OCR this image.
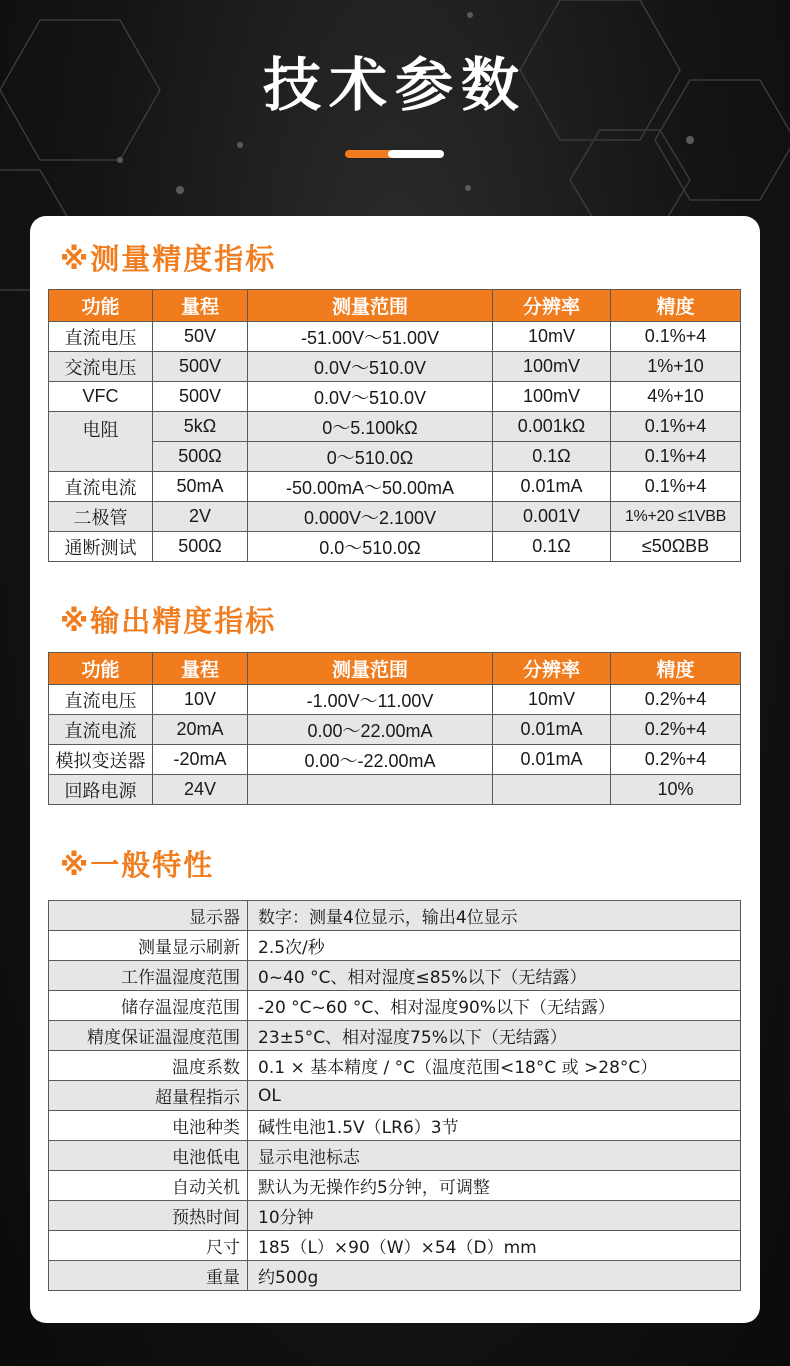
技术参数
※测量精度指标
功能	量程	测量范围	分辨率	精度
直流电压	50V	-51.00V～51.00V	10mV	0.1%+4
交流电压	500V	0.0V～510.0V	100mV	1%+10
VFC	500V	0.0V～510.0V	100mV	4%+10
电阻	5kΩ	0～5.100kΩ	0.001kΩ	0.1%+4
	500Ω	0～510.0Ω	0.1Ω	0.1%+4
直流电流	50mA	-50.00mA～50.00mA	0.01mA	0.1%+4
二极管	2V	0.000V～2.100V	0.001V	1%+20 ≤1VBB
通断测试	500Ω	0.0～510.0Ω	0.1Ω	≤50ΩBB
※输出精度指标
功能	量程	测量范围	分辨率	精度
直流电压	10V	-1.00V～11.00V	10mV	0.2%+4
直流电流	20mA	0.00～22.00mA	0.01mA	0.2%+4
模拟变送器	-20mA	0.00～-22.00mA	0.01mA	0.2%+4
回路电源	24V			10%
※一般特性
显示器	数字：测量4位显示，输出4位显示
测量显示刷新	2.5次/秒
工作温湿度范围	0~40 °C、相对湿度≤85%以下（无结露）
储存温湿度范围	-20 °C~60 °C、相对湿度90%以下（无结露）
精度保证温湿度范围	23±5°C、相对湿度75%以下（无结露）
温度系数	0.1 × 基本精度 / °C（温度范围<18°C 或 >28°C）
超量程指示	OL
电池种类	碱性电池1.5V（LR6）3节
电池低电	显示电池标志
自动关机	默认为无操作约5分钟，可调整
预热时间	10分钟
尺寸	185（L）×90（W）×54（D）mm
重量	约500g
